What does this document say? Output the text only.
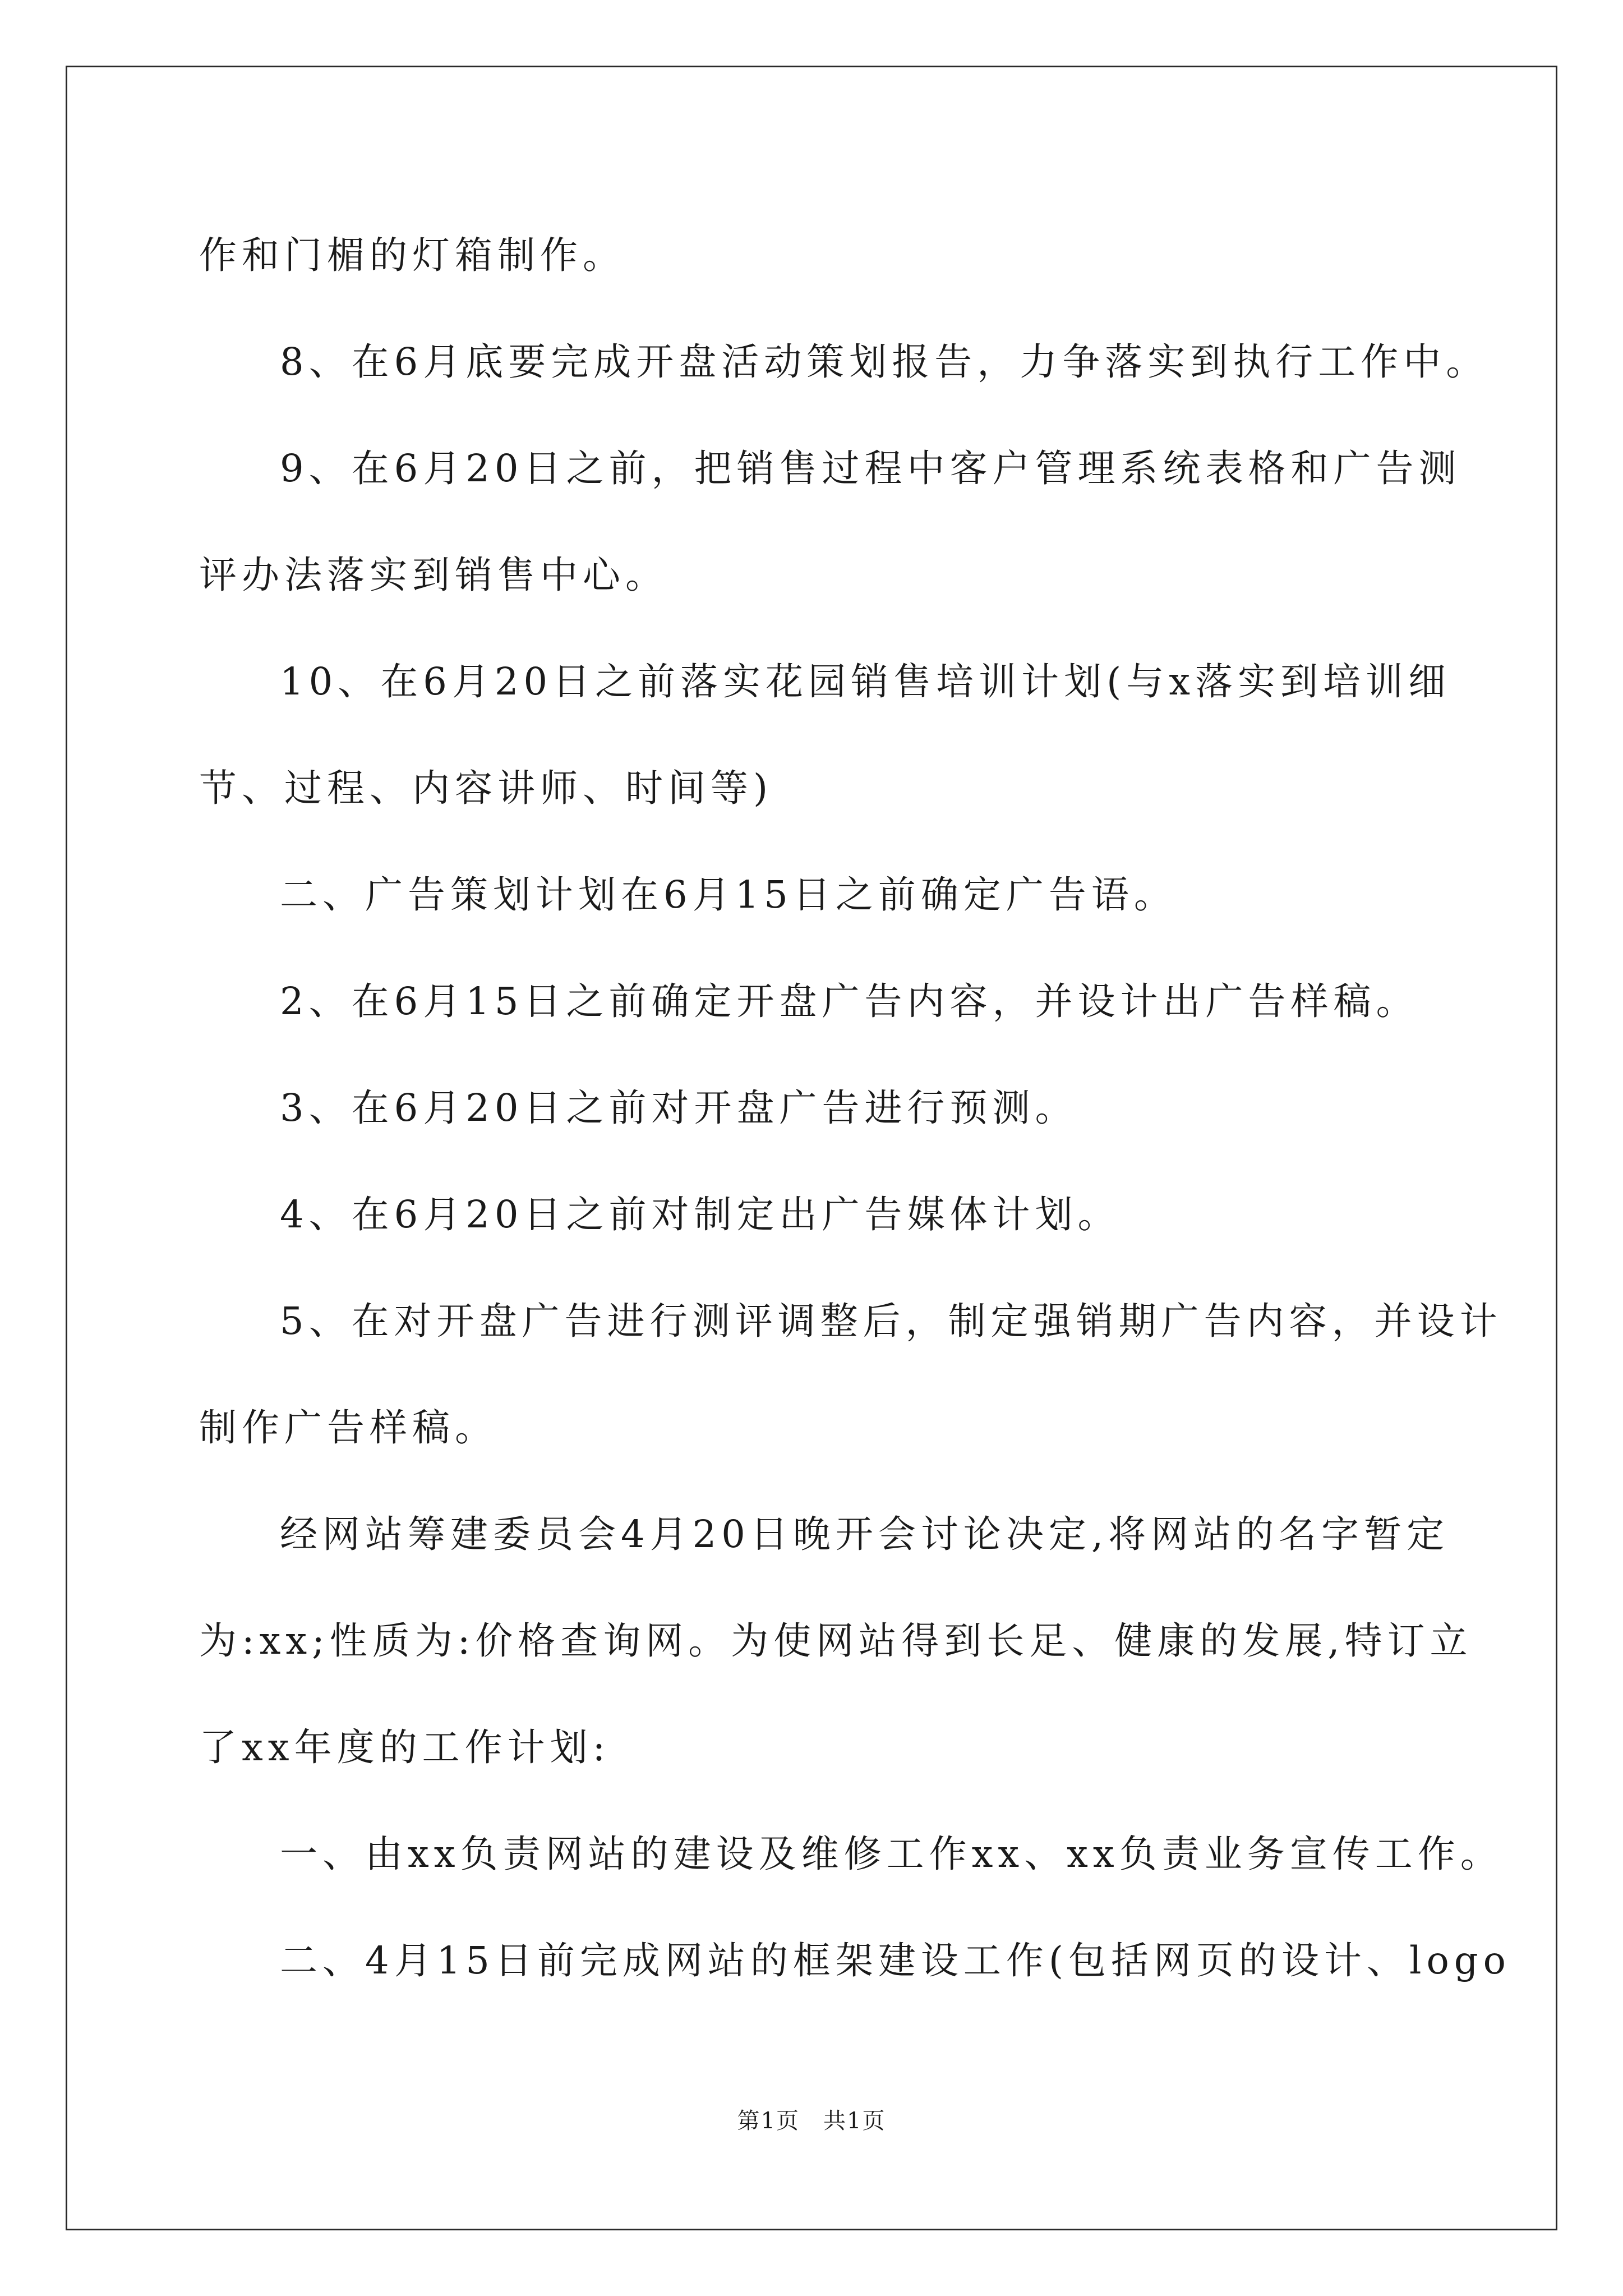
作和门楣的灯箱制作。

8、在6月底要完成开盘活动策划报告，力争落实到执行工作中。

9、在6月20日之前，把销售过程中客户管理系统表格和广告测

评办法落实到销售中心。

10、在6月20日之前落实花园销售培训计划(与x落实到培训细

节、过程、内容讲师、时间等)

二、广告策划计划在6月15日之前确定广告语。

2、在6月15日之前确定开盘广告内容，并设计出广告样稿。

3、在6月20日之前对开盘广告进行预测。

4、在6月20日之前对制定出广告媒体计划。

5、在对开盘广告进行测评调整后，制定强销期广告内容，并设计

制作广告样稿。

经网站筹建委员会4月20日晚开会讨论决定,将网站的名字暂定

为:xx;性质为:价格查询网。为使网站得到长足、健康的发展,特订立

了xx年度的工作计划:

一、由xx负责网站的建设及维修工作xx、xx负责业务宣传工作。

二、4月15日前完成网站的框架建设工作(包括网页的设计、logo

第1页　共1页
